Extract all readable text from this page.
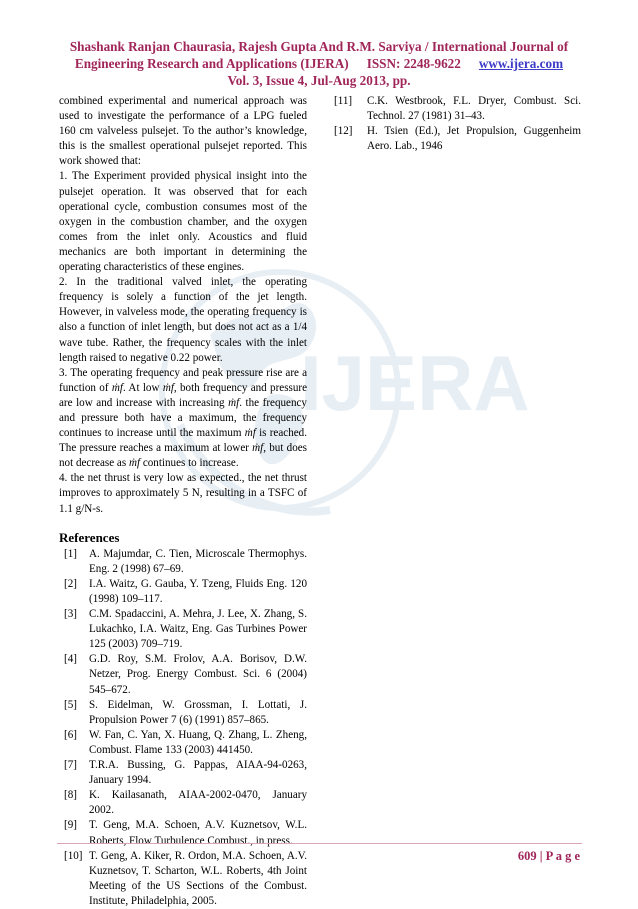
Shashank Ranjan Chaurasia, Rajesh Gupta And R.M. Sarviya / International Journal of
Engineering Research and Applications (IJERA) ISSN: 2248-9622 www.ijera.com
Vol. 3, Issue 4, Jul-Aug 2013, pp.
IJERA

combined experimental and numerical approach was used to investigate the performance of a LPG fueled 160 cm valveless pulsejet. To the author’s knowledge, this is the smallest operational pulsejet reported. This work showed that:

1. The Experiment provided physical insight into the pulsejet operation. It was observed that for each operational cycle, combustion consumes most of the oxygen in the combustion chamber, and the oxygen comes from the inlet only. Acoustics and fluid mechanics are both important in determining the operating characteristics of these engines.

2. In the traditional valved inlet, the operating frequency is solely a function of the jet length. However, in valveless mode, the operating frequency is also a function of inlet length, but does not act as a 1/4 wave tube. Rather, the frequency scales with the inlet length raised to negative 0.22 power.

3. The operating frequency and peak pressure rise are a function of ṁf. At low ṁf, both frequency and pressure are low and increase with increasing ṁf. the frequency and pressure both have a maximum, the frequency continues to increase until the maximum ṁf is reached. The pressure reaches a maximum at lower ṁf, but does not decrease as ṁf continues to increase.

4. the net thrust is very low as expected., the net thrust improves to approximately 5 N, resulting in a TSFC of 1.1 g/N-s.

References
[1]	A. Majumdar, C. Tien, Microscale Thermophys. Eng. 2 (1998) 67–69.
[2]	I.A. Waitz, G. Gauba, Y. Tzeng, Fluids Eng. 120 (1998) 109–117.
[3]	C.M. Spadaccini, A. Mehra, J. Lee, X. Zhang, S. Lukachko, I.A. Waitz, Eng. Gas Turbines Power 125 (2003) 709–719.
[4]	G.D. Roy, S.M. Frolov, A.A. Borisov, D.W. Netzer, Prog. Energy Combust. Sci. 6 (2004) 545–672.
[5]	S. Eidelman, W. Grossman, I. Lottati, J. Propulsion Power 7 (6) (1991) 857–865.
[6]	W. Fan, C. Yan, X. Huang, Q. Zhang, L. Zheng, Combust. Flame 133 (2003) 441450.
[7]	T.R.A. Bussing, G. Pappas, AIAA-94-0263, January 1994.
[8]	K. Kailasanath, AIAA-2002-0470, January 2002.
[9]	T. Geng, M.A. Schoen, A.V. Kuznetsov, W.L. Roberts, Flow Turbulence Combust., in press.
[10] T. Geng, A. Kiker, R. Ordon, M.A. Schoen, A.V. Kuznetsov, T. Scharton, W.L. Roberts, 4th Joint Meeting of the US Sections of the Combust. Institute, Philadelphia, 2005.
[11]	C.K. Westbrook, F.L. Dryer, Combust. Sci. Technol. 27 (1981) 31–43.
[12]	H. Tsien (Ed.), Jet Propulsion, Guggenheim Aero. Lab., 1946
609 | P a g e
